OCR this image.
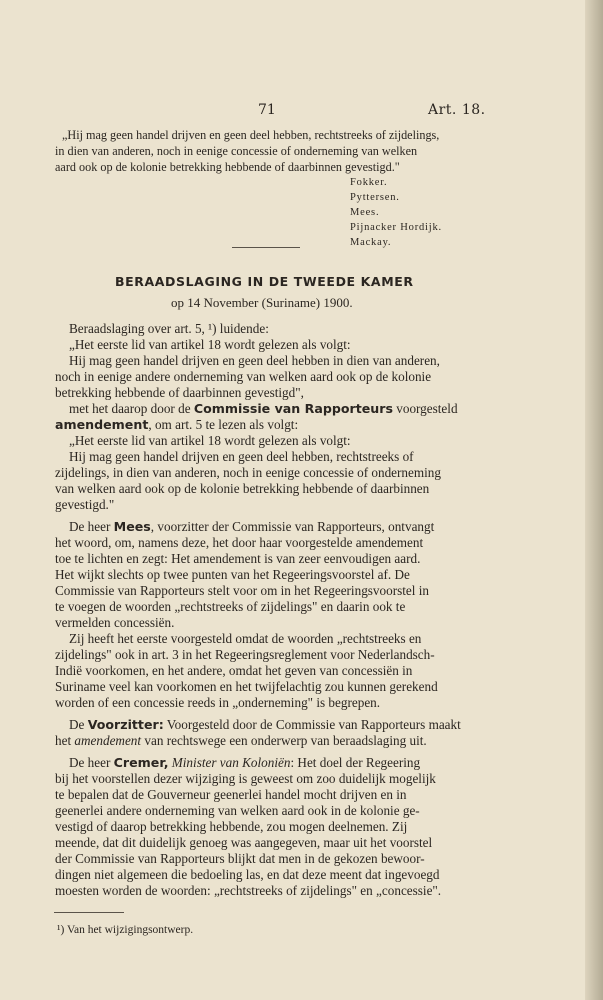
71	Art. 18.
„Hij mag geen handel drijven en geen deel hebben, rechtstreeks of zijdelings,
in dien van anderen, noch in eenige concessie of onderneming van welken
aard ook op de kolonie betrekking hebbende of daarbinnen gevestigd."
Fokker.
Pyttersen.
Mees.
Pijnacker Hordijk.
Mackay.
BERAADSLAGING IN DE TWEEDE KAMER
op 14 November (Suriname) 1900.
Beraadslaging over art. 5, ¹) luidende:
„Het eerste lid van artikel 18 wordt gelezen als volgt:
Hij mag geen handel drijven en geen deel hebben in dien van anderen,
noch in eenige andere onderneming van welken aard ook op de kolonie
betrekking hebbende of daarbinnen gevestigd",
met het daarop door de Commissie van Rapporteurs voorgesteld
amendement, om art. 5 te lezen als volgt:
„Het eerste lid van artikel 18 wordt gelezen als volgt:
Hij mag geen handel drijven en geen deel hebben, rechtstreeks of
zijdelings, in dien van anderen, noch in eenige concessie of onderneming
van welken aard ook op de kolonie betrekking hebbende of daarbinnen
gevestigd."
De heer Mees, voorzitter der Commissie van Rapporteurs, ontvangt
het woord, om, namens deze, het door haar voorgestelde amendement
toe te lichten en zegt: Het amendement is van zeer eenvoudigen aard.
Het wijkt slechts op twee punten van het Regeeringsvoorstel af. De
Commissie van Rapporteurs stelt voor om in het Regeeringsvoorstel in
te voegen de woorden „rechtstreeks of zijdelings" en daarin ook te
vermelden concessiën.
Zij heeft het eerste voorgesteld omdat de woorden „rechtstreeks en
zijdelings" ook in art. 3 in het Regeeringsreglement voor Nederlandsch-
Indië voorkomen, en het andere, omdat het geven van concessiën in
Suriname veel kan voorkomen en het twijfelachtig zou kunnen gerekend
worden of een concessie reeds in „onderneming" is begrepen.
De Voorzitter: Voorgesteld door de Commissie van Rapporteurs maakt
het amendement van rechtswege een onderwerp van beraadslaging uit.
De heer Cremer, Minister van Koloniën: Het doel der Regeering
bij het voorstellen dezer wijziging is geweest om zoo duidelijk mogelijk
te bepalen dat de Gouverneur geenerlei handel mocht drijven en in
geenerlei andere onderneming van welken aard ook in de kolonie ge-
vestigd of daarop betrekking hebbende, zou mogen deelnemen. Zij
meende, dat dit duidelijk genoeg was aangegeven, maar uit het voorstel
der Commissie van Rapporteurs blijkt dat men in de gekozen bewoor-
dingen niet algemeen die bedoeling las, en dat deze meent dat ingevoegd
moesten worden de woorden: „rechtstreeks of zijdelings" en „concessie".
¹) Van het wijzigingsontwerp.
